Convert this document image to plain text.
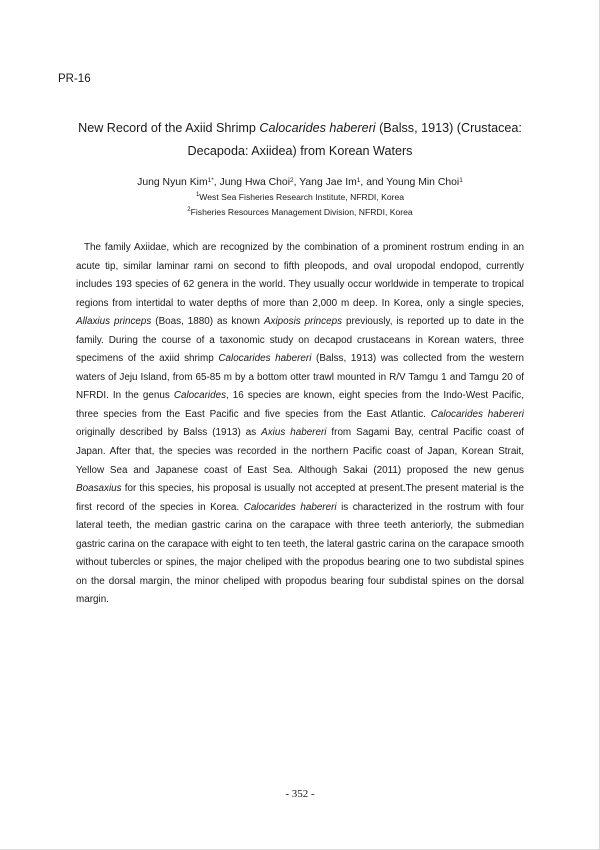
PR-16
New Record of the Axiid Shrimp Calocarides habereri (Balss, 1913) (Crustacea:
Decapoda: Axiidea) from Korean Waters
Jung Nyun Kim$^{1*}$, Jung Hwa Choi$^2$, Yang Jae Im$^1$, and Young Min Choi$^1$
$^1$West Sea Fisheries Research Institute, NFRDI, Korea
$^2$Fisheries Resources Management Division, NFRDI, Korea

The family Axiidae, which are recognized by the combination of a prominent rostrum ending in an acute tip, similar laminar rami on second to fifth pleopods, and oval uropodal endopod, currently includes 193 species of 62 genera in the world. They usually occur worldwide in temperate to tropical regions from intertidal to water depths of more than 2,000 m deep. In Korea, only a single species, Allaxius princeps (Boas, 1880) as known Axiposis princeps previously, is reported up to date in the family. During the course of a taxonomic study on decapod crustaceans in Korean waters, three specimens of the axiid shrimp Calocarides habereri (Balss, 1913) was collected from the western waters of Jeju Island, from 65-85 m by a bottom otter trawl mounted in R/V Tamgu 1 and Tamgu 20 of NFRDI. In the genus Calocarides, 16 species are known, eight species from the Indo-West Pacific, three species from the East Pacific and five species from the East Atlantic. Calocarides habereri originally described by Balss (1913) as Axius habereri from Sagami Bay, central Pacific coast of Japan. After that, the species was recorded in the northern Pacific coast of Japan, Korean Strait, Yellow Sea and Japanese coast of East Sea. Although Sakai (2011) proposed the new genus Boasaxius for this species, his proposal is usually not accepted at present.The present material is the first record of the species in Korea. Calocarides habereri is characterized in the rostrum with four lateral teeth, the median gastric carina on the carapace with three teeth anteriorly, the submedian gastric carina on the carapace with eight to ten teeth, the lateral gastric carina on the carapace smooth without tubercles or spines, the major cheliped with the propodus bearing one to two subdistal spines on the dorsal margin, the minor cheliped with propodus bearing four subdistal spines on the dorsal margin.

- 352 -
